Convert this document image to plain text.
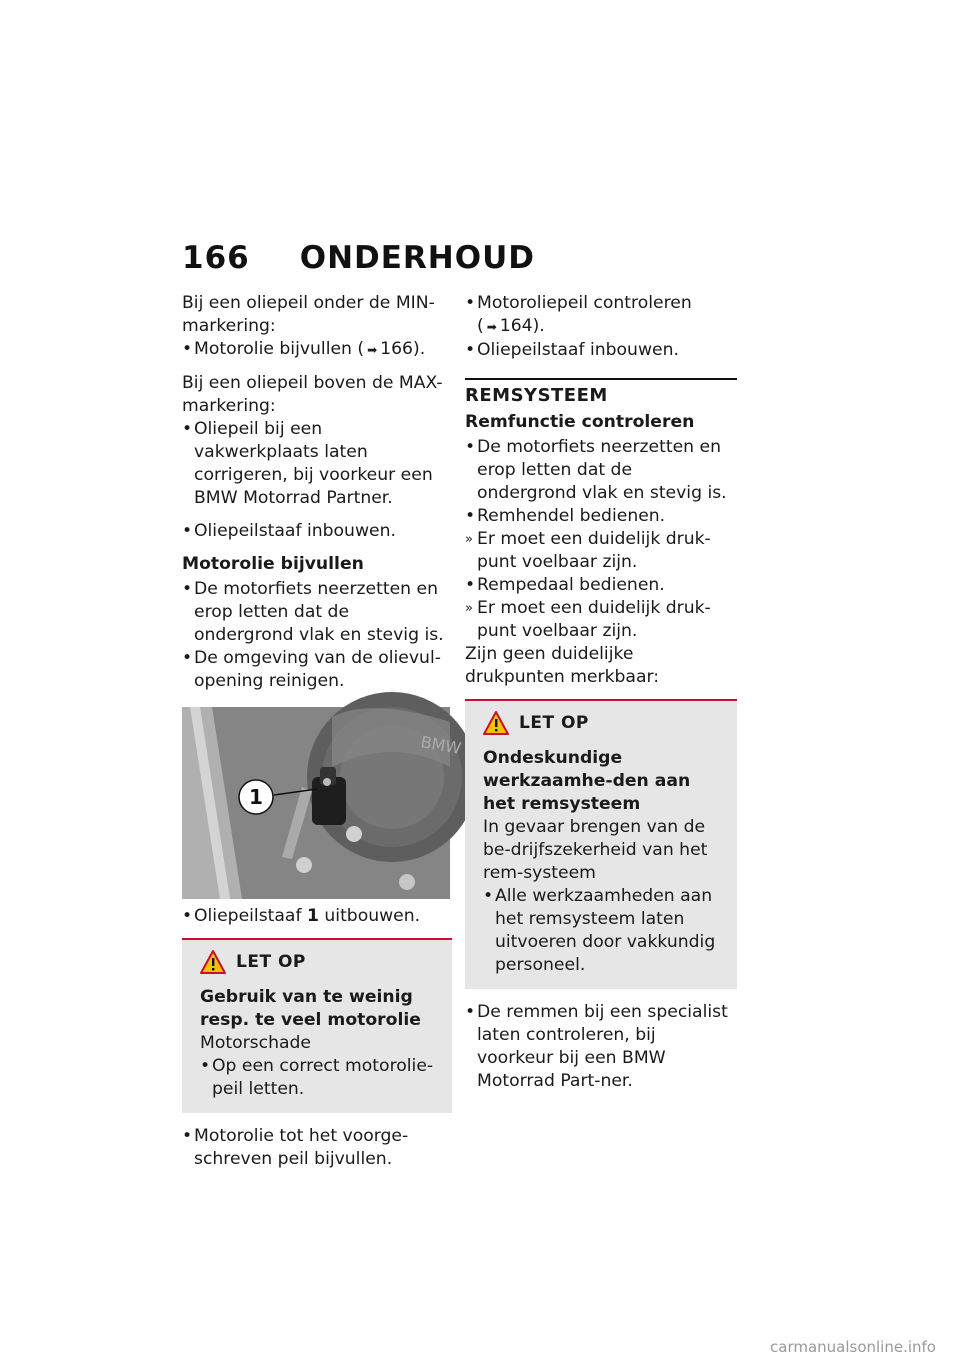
166 ONDERHOUD

Bij een oliepeil onder de MIN-markering:

• Motorolie bijvullen ( ➡ 166).

Bij een oliepeil boven de MAX-markering:

• Oliepeil bij een vakwerkplaats laten corrigeren, bij voorkeur een BMW Motorrad Partner.
• Oliepeilstaaf inbouwen.
Motorolie bijvullen
• De motorfiets neerzetten en erop letten dat de ondergrond vlak en stevig is.
• De omgeving van de olievul-opening reinigen.
BMW
1
• Oliepeilstaaf 1 uitbouwen.
LET OP
Gebruik van te weinig resp. te veel motorolie
Motorschade
• Op een correct motorolie-peil letten.
• Motorolie tot het voorge-schreven peil bijvullen.
• Motoroliepeil controleren ( ➡ 164).
• Oliepeilstaaf inbouwen.
REMSYSTEEM
Remfunctie controleren
• De motorfiets neerzetten en erop letten dat de ondergrond vlak en stevig is.
• Remhendel bedienen.
» Er moet een duidelijk druk-punt voelbaar zijn.
• Rempedaal bedienen.
» Er moet een duidelijk druk-punt voelbaar zijn.
Zijn geen duidelijke drukpunten merkbaar:
LET OP
Ondeskundige werkzaamhe-den aan het remsysteem
In gevaar brengen van de be-drijfszekerheid van het rem-systeem
• Alle werkzaamheden aan het remsysteem laten uitvoeren door vakkundig personeel.
• De remmen bij een specialist laten controleren, bij voorkeur bij een BMW Motorrad Part-ner.
carmanualsonline.info
